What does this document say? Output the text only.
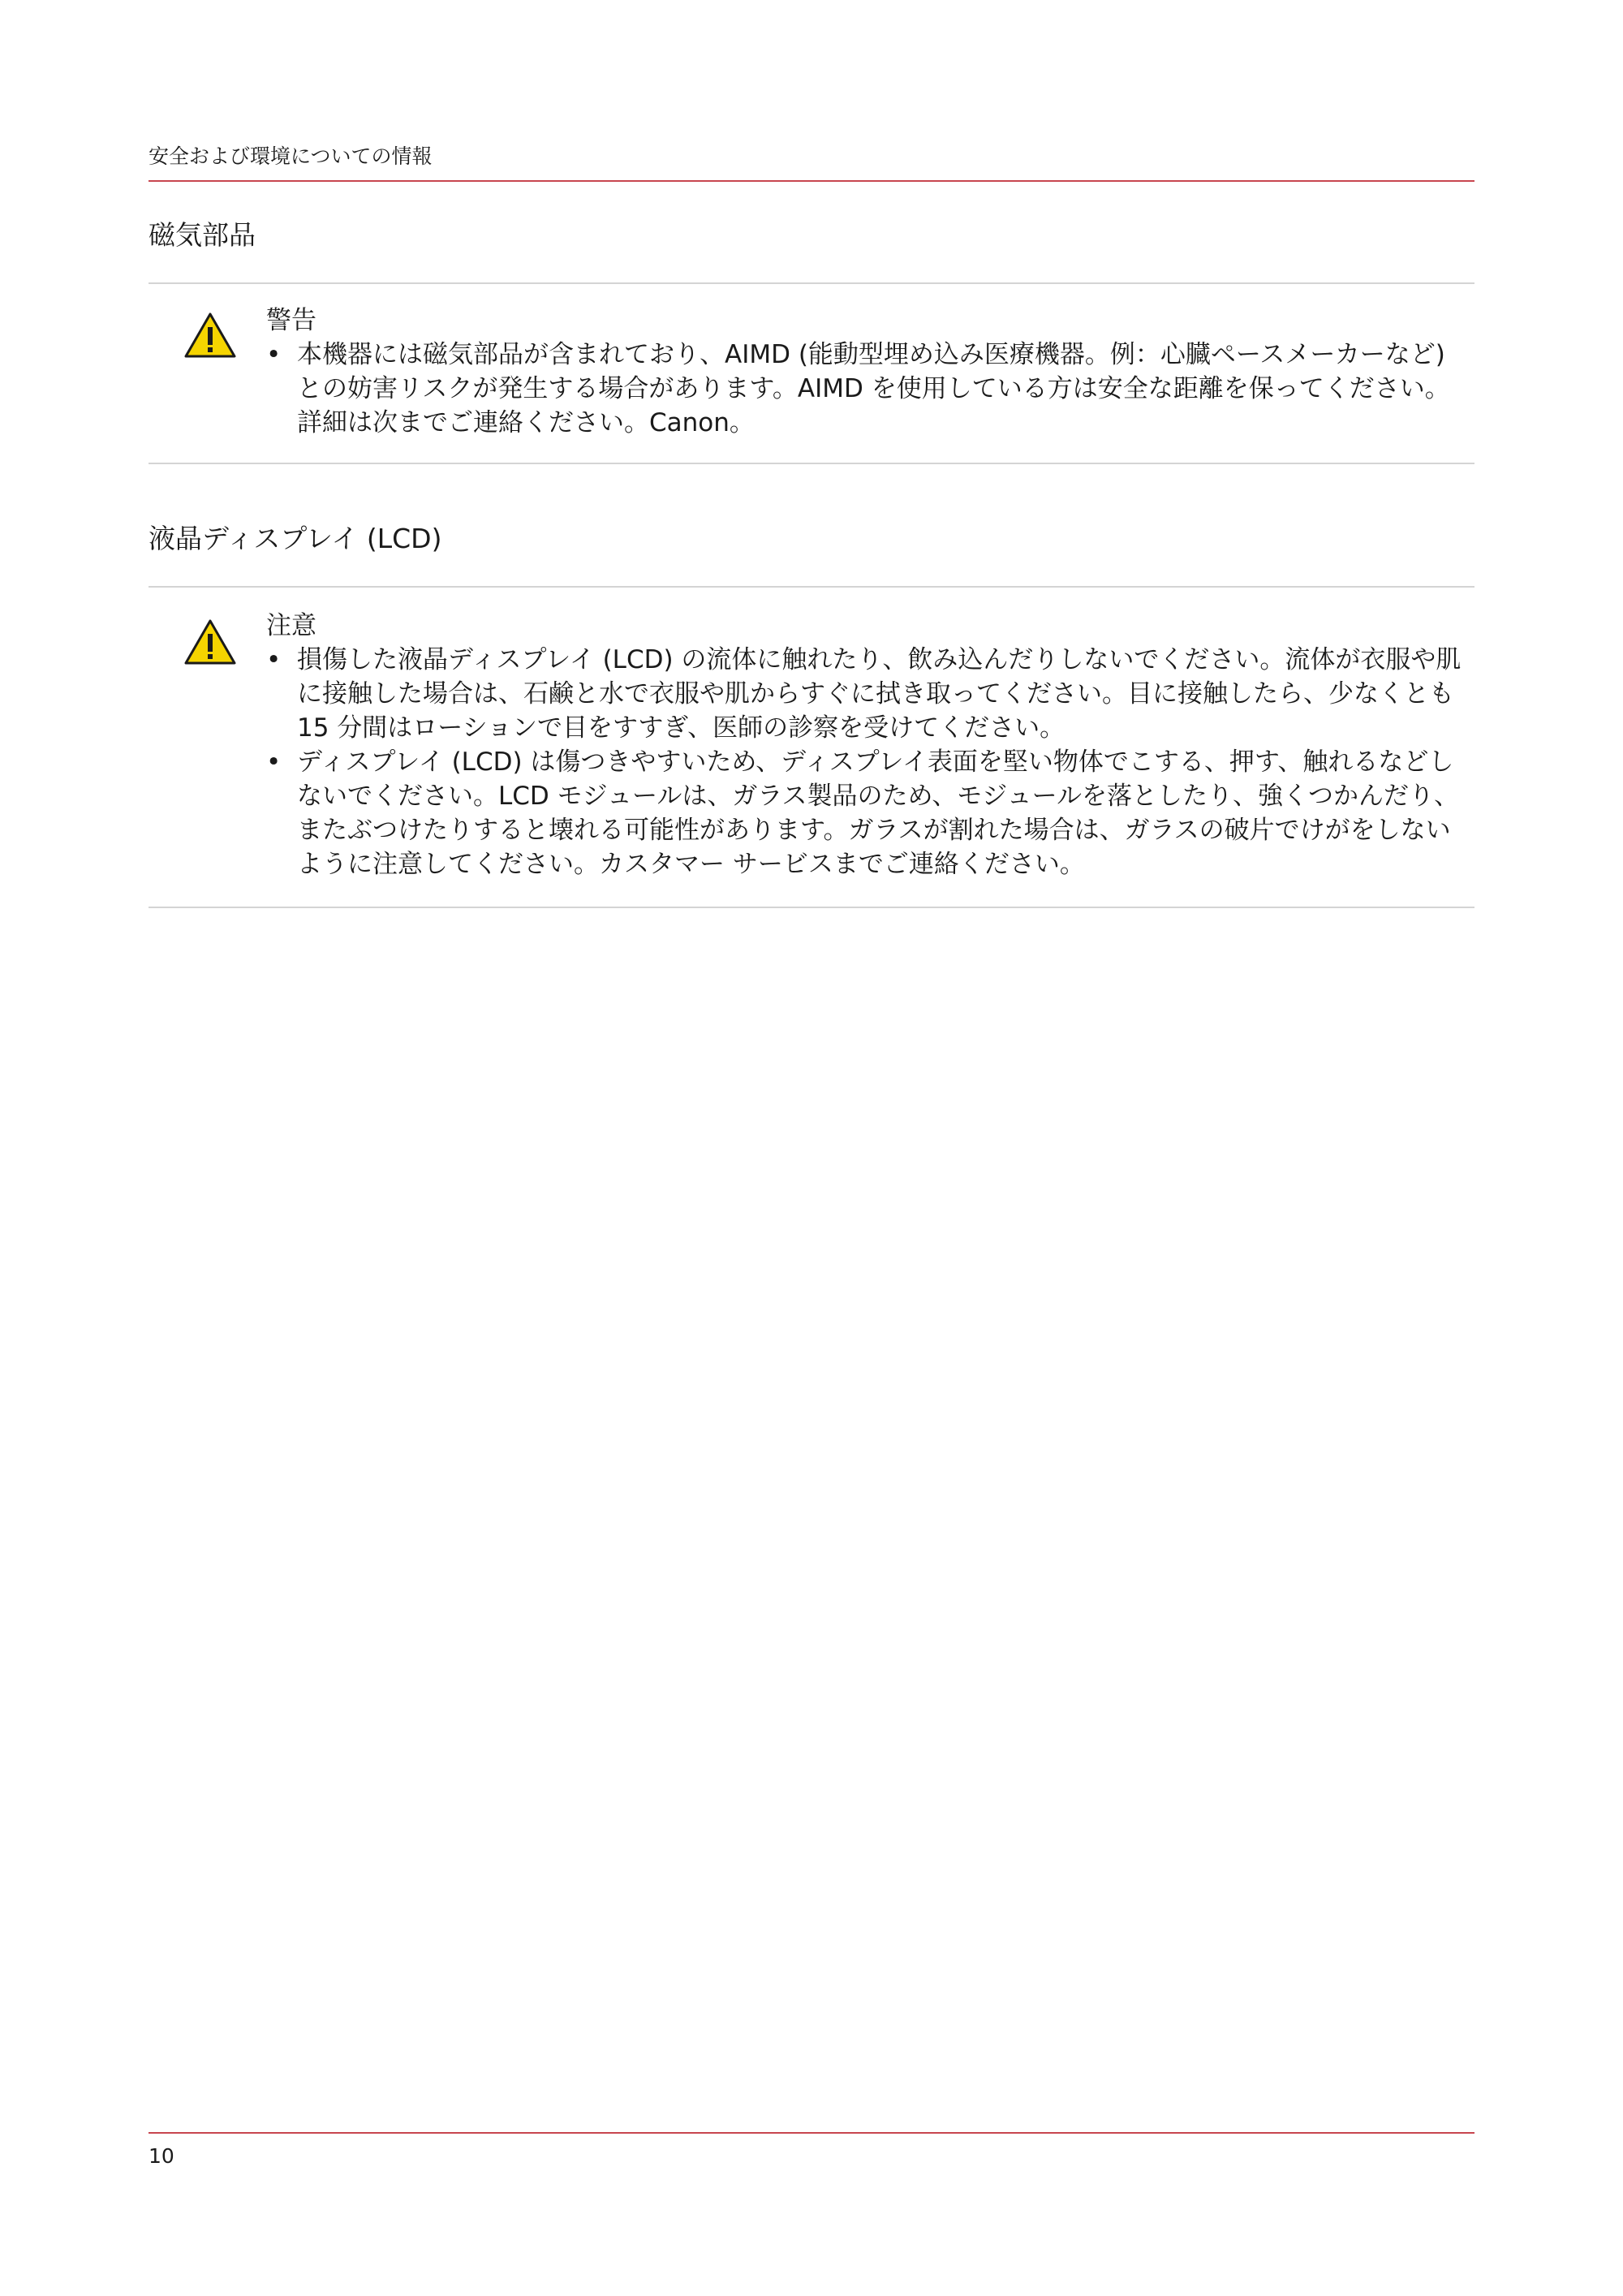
安全および環境についての情報
磁気部品

警告

• 本機器には磁気部品が含まれており、AIMD (能動型埋め込み医療機器。例：心臓ペースメーカーなど) との妨害リスクが発生する場合があります。AIMD を使用している方は安全な距離を保ってください。詳細は次までご連絡ください。Canon。
液晶ディスプレイ (LCD)

注意

• 損傷した液晶ディスプレイ (LCD) の流体に触れたり、飲み込んだりしないでください。流体が衣服や肌に接触した場合は、石鹸と水で衣服や肌からすぐに拭き取ってください。目に接触したら、少なくとも 15 分間はローションで目をすすぎ、医師の診察を受けてください。
• ディスプレイ (LCD) は傷つきやすいため、ディスプレイ表面を堅い物体でこする、押す、触れるなどしないでください。LCD モジュールは、ガラス製品のため、モジュールを落としたり、強くつかんだり、またぶつけたりすると壊れる可能性があります。ガラスが割れた場合は、ガラスの破片でけがをしないように注意してください。カスタマー サービスまでご連絡ください。
10
